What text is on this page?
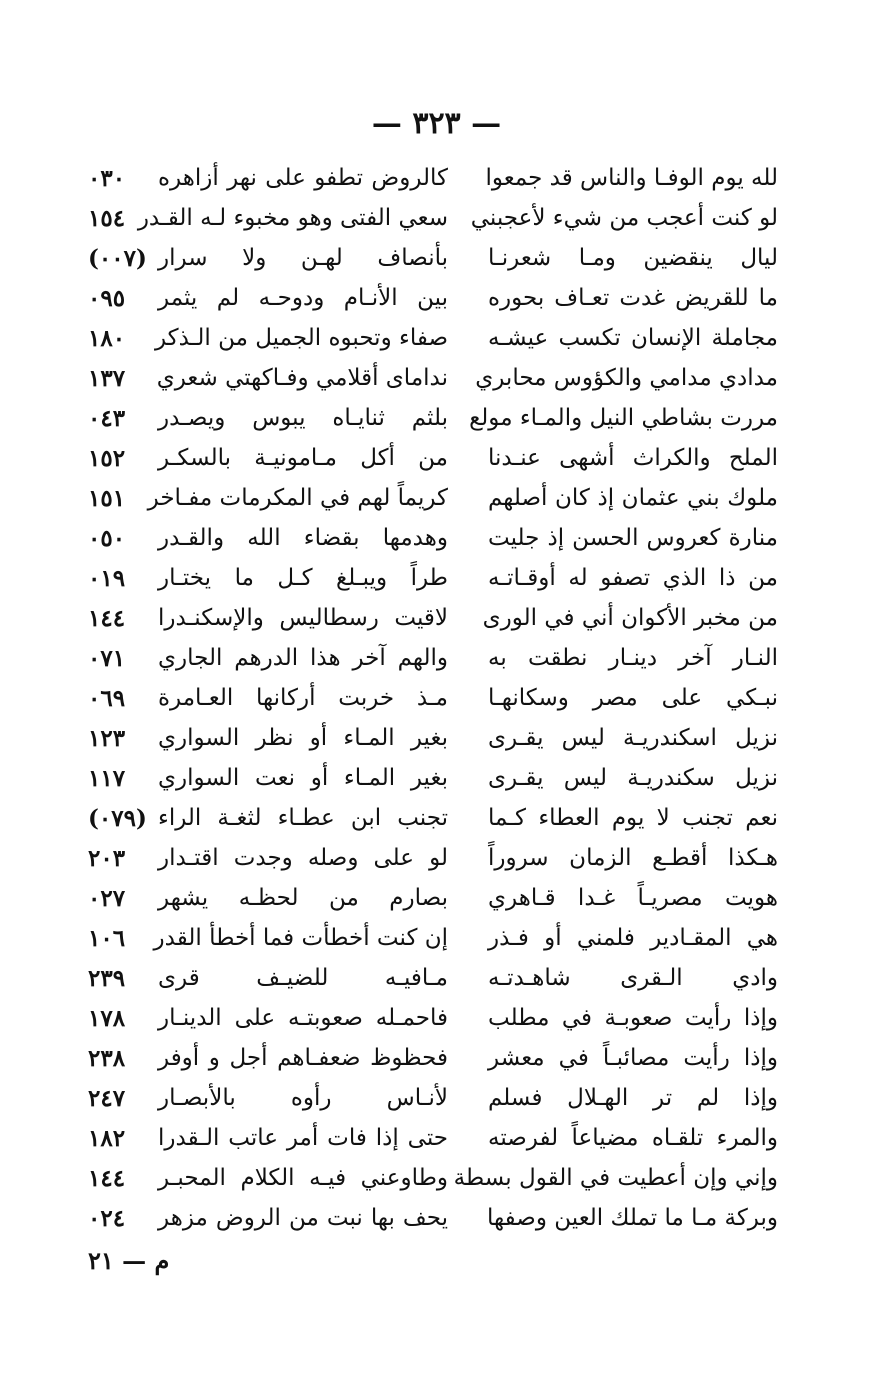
— ٣٢٣ —
لله يوم الوفـا والناس قد جمعوا
كالروض تطفو على نهر أزاهره
٠٣٠
لو كنت أعجب من شيء لأعجبني
سعي الفتى وهو مخبوء لـه القـدر
١٥٤
ليال ينقضين ومـا شعرنـا
بأنصاف لهـن ولا سرار
(٠٠٧)
ما للقريض غدت تعـاف بحوره
بين الأنـام ودوحـه لم يثمر
٠٩٥
مجاملة الإنسان تكسب عيشـه
صفاء وتحبوه الجميل من الـذكر
١٨٠
مدادي مدامي والكؤوس محابري
ندامای أقلامي وفـاكهتي شعري
١٣٧
مررت بشاطي النيل والمـاء مولع
بلثم ثنايـاه يبوس ويصـدر
٠٤٣
الملح والكراث أشهى عنـدنا
من أكل مـامونيـة بالسكـر
١٥٢
ملوك بني عثمان إذ كان أصلهم
كريماً لهم في المكرمات مفـاخر
١٥١
منارة كعروس الحسن إذ جليت
وهدمها بقضاء الله والقـدر
٠٥٠
من ذا الذي تصفو له أوقـاتـه
طراً ويبـلغ كـل ما يختـار
٠١٩
من مخبر الأكوان أني في الورى
لاقيت رسطاليس والإسكنـدرا
١٤٤
النـار آخر دينـار نطقت به
والهم آخر هذا الدرهم الجاري
٠٧١
نبـكي على مصر وسكانهـا
مـذ خربت أركانها العـامرة
٠٦٩
نزيل اسكندريـة ليس يقـرى
بغير المـاء أو نظر السواري
١٢٣
نزيل سكندريـة ليس يقـرى
بغير المـاء أو نعت السواري
١١٧
نعم تجنب لا يوم العطاء كـما
تجنب ابن عطـاء لثغـة الراء
(٠٧٩)
هـكذا أقطـع الزمان سروراً
لو على وصله وجدت اقتـدار
٢٠٣
هويت مصريـاً غـدا قـاهري
بصارم من لحظـه يشهر
٠٢٧
هي المقـادير فلمني أو فـذر
إن كنت أخطأت فما أخطأ القدر
١٠٦
وادي الـقرى شاهـدتـه
مـافيـه للضيـف قرى
٢٣٩
وإذا رأيت صعوبـة في مطلب
فاحمـله صعوبتـه على الدينـار
١٧٨
وإذا رأيت مصائبـاً في معشر
فحظوظ ضعفـاهم أجل و أوفر
٢٣٨
وإذا لم تر الهـلال فسلم
لأنـاس رأوه بالأبصـار
٢٤٧
والمرء تلقـاه مضياعاً لفرصته
حتى إذا فات أمر عاتب الـقدرا
١٨٢
وإني وإن أعطيت في القول بسطة
وطاوعني فيـه الكلام المحبـر
١٤٤
وبركة مـا ما تملك العين وصفها
يحف بها نبت من الروض مزهر
٠٢٤
م — ٢١
